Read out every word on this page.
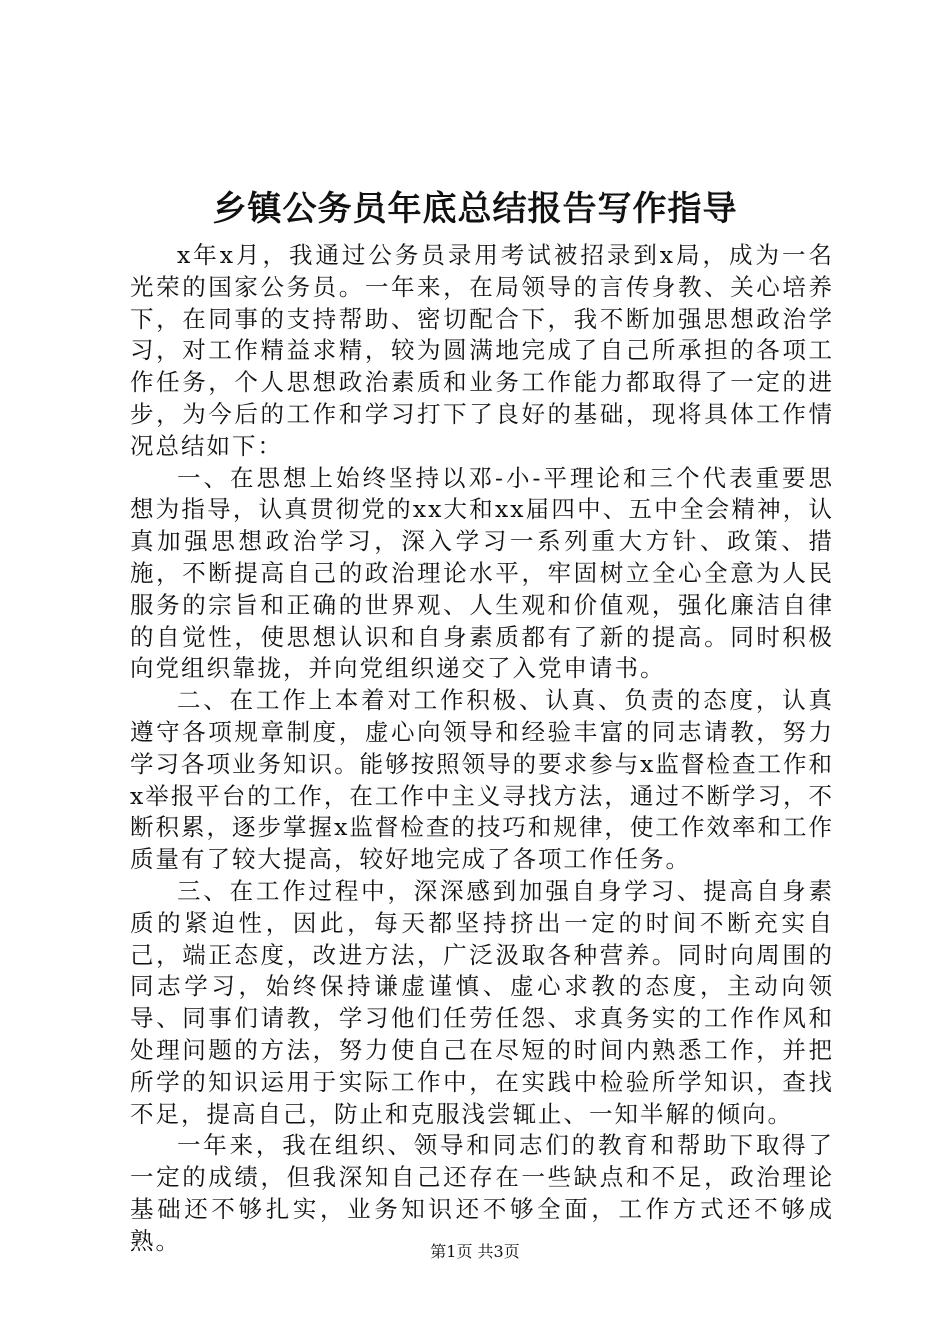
乡镇公务员年底总结报告写作指导

x年x月，我通过公务员录用考试被招录到x局，成为一名光荣的国家公务员。一年来，在局领导的言传身教、关心培养下，在同事的支持帮助、密切配合下，我不断加强思想政治学习，对工作精益求精，较为圆满地完成了自己所承担的各项工作任务，个人思想政治素质和业务工作能力都取得了一定的进步，为今后的工作和学习打下了良好的基础，现将具体工作情况总结如下：

一、在思想上始终坚持以邓-小-平理论和三个代表重要思想为指导，认真贯彻党的xx大和xx届四中、五中全会精神，认真加强思想政治学习，深入学习一系列重大方针、政策、措施，不断提高自己的政治理论水平，牢固树立全心全意为人民服务的宗旨和正确的世界观、人生观和价值观，强化廉洁自律的自觉性，使思想认识和自身素质都有了新的提高。同时积极向党组织靠拢，并向党组织递交了入党申请书。

二、在工作上本着对工作积极、认真、负责的态度，认真遵守各项规章制度，虚心向领导和经验丰富的同志请教，努力学习各项业务知识。能够按照领导的要求参与x监督检查工作和x举报平台的工作，在工作中主义寻找方法，通过不断学习，不断积累，逐步掌握x监督检查的技巧和规律，使工作效率和工作质量有了较大提高，较好地完成了各项工作任务。

三、在工作过程中，深深感到加强自身学习、提高自身素质的紧迫性，因此，每天都坚持挤出一定的时间不断充实自己，端正态度，改进方法，广泛汲取各种营养。同时向周围的同志学习，始终保持谦虚谨慎、虚心求教的态度，主动向领导、同事们请教，学习他们任劳任怨、求真务实的工作作风和处理问题的方法，努力使自己在尽短的时间内熟悉工作，并把所学的知识运用于实际工作中，在实践中检验所学知识，查找不足，提高自己，防止和克服浅尝辄止、一知半解的倾向。

一年来，我在组织、领导和同志们的教育和帮助下取得了一定的成绩，但我深知自己还存在一些缺点和不足，政治理论基础还不够扎实，业务知识还不够全面，工作方式还不够成熟。	第1页 共3页
